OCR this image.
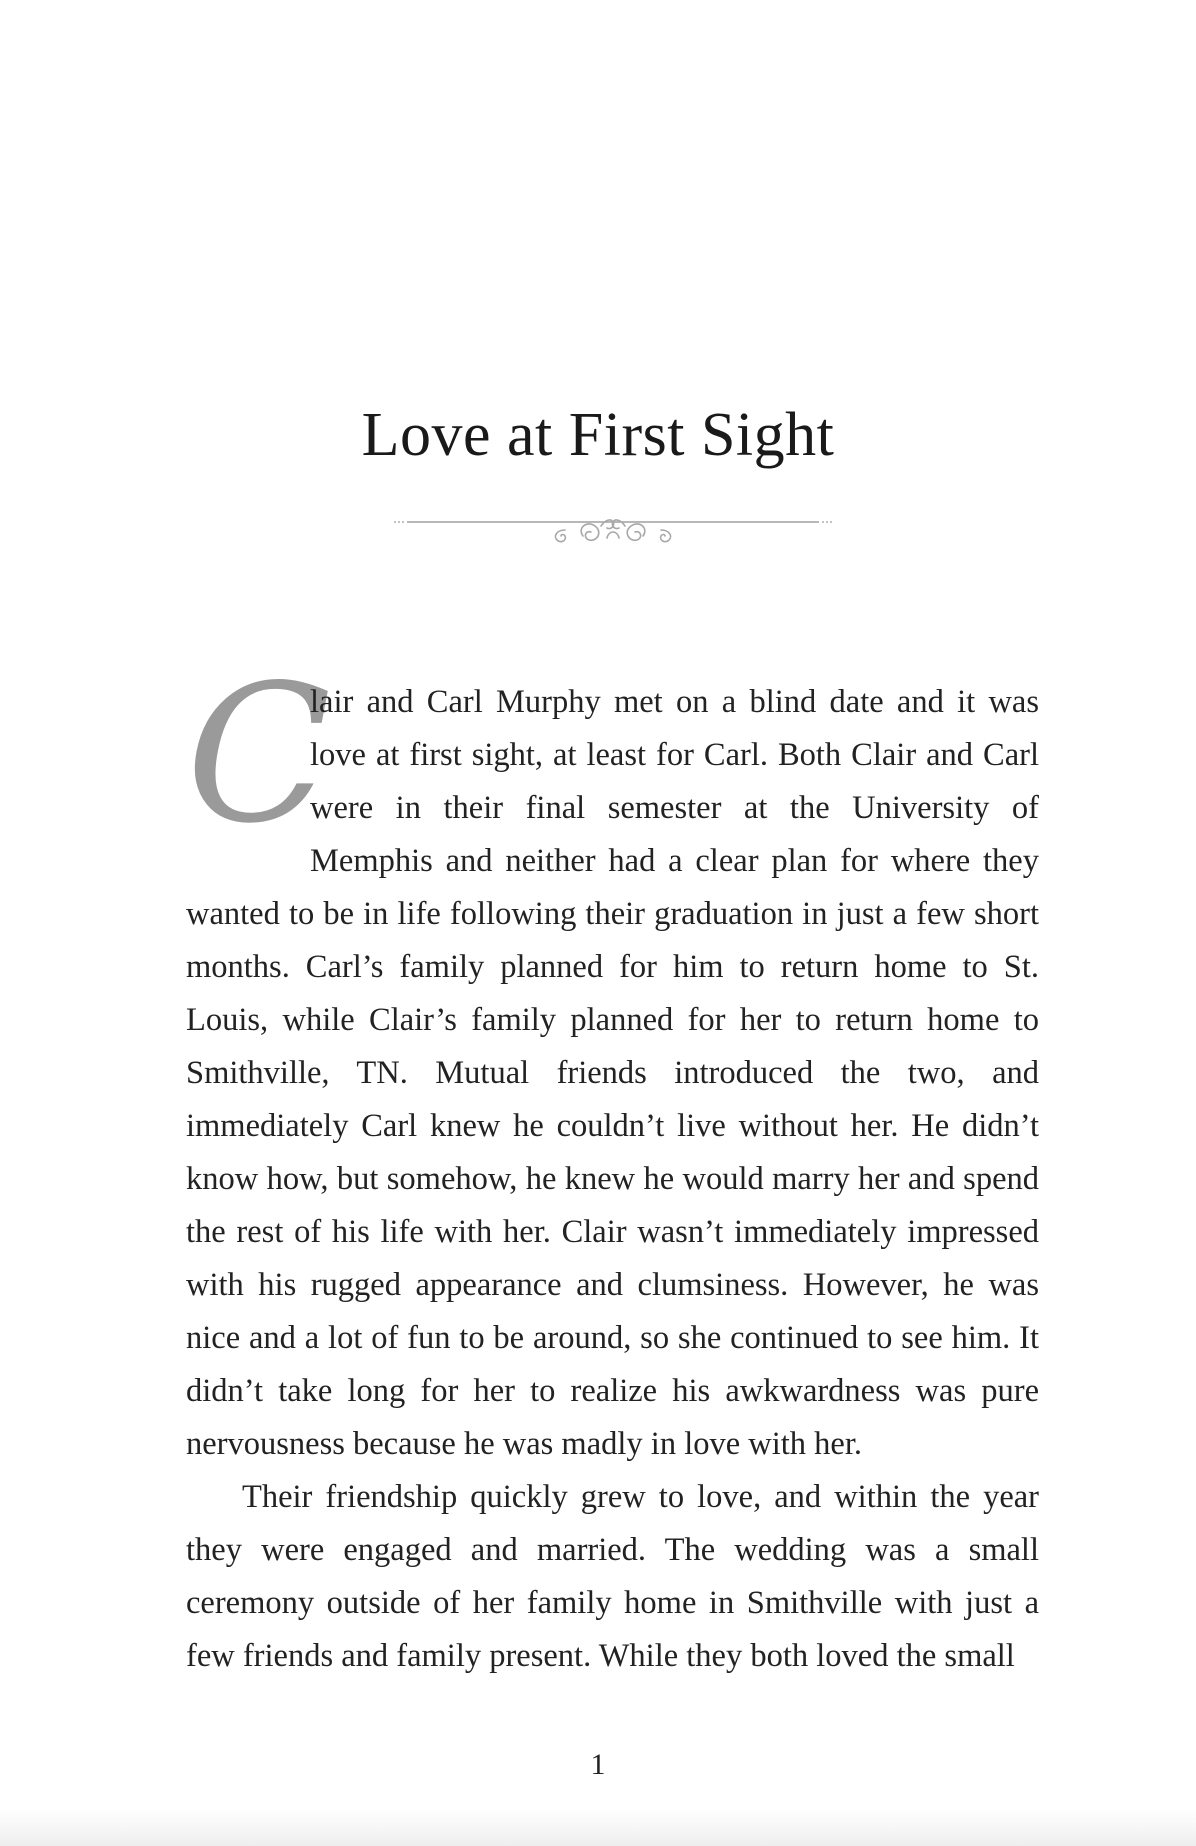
Love at First Sight

C
lair and Carl Murphy met on a blind date and it was love at first sight, at least for Carl. Both Clair and Carl were in their final semester at the University of Memphis and neither had a clear plan for where they wanted to be in life following their graduation in just a few short months. Carl’s family planned for him to return home to St. Louis, while Clair’s family planned for her to return home to Smithville, TN. Mutual friends introduced the two, and immediately Carl knew he couldn’t live without her. He didn’t know how, but somehow, he knew he would marry her and spend the rest of his life with her. Clair wasn’t immediately impressed with his rugged appearance and clumsiness. However, he was nice and a lot of fun to be around, so she continued to see him. It didn’t take long for her to realize his awkwardness was pure nervousness because he was madly in love with her.

Their friendship quickly grew to love, and within the year they were engaged and married. The wedding was a small ceremony outside of her family home in Smithville with just a few friends and family present. While they both loved the small

1
